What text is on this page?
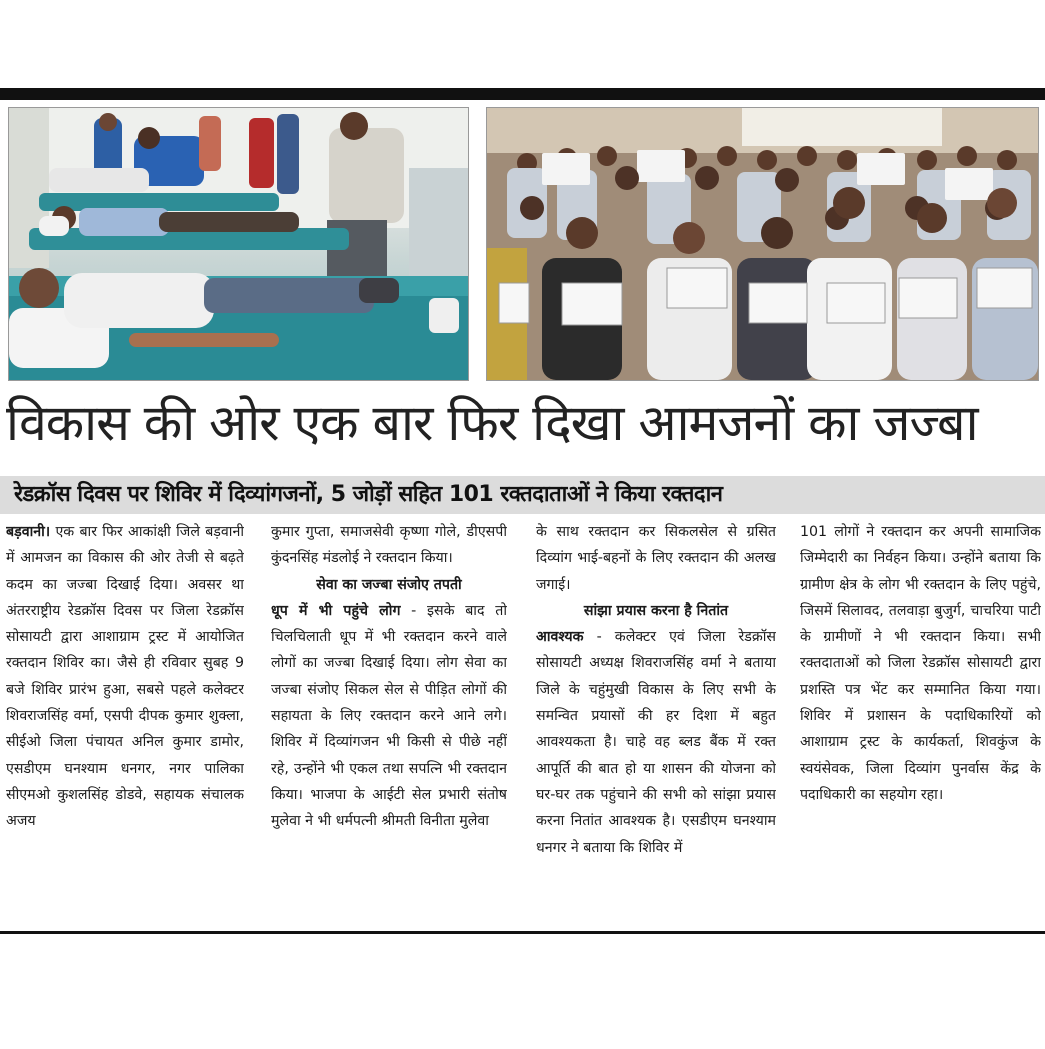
विकास की ओर एक बार फिर दिखा आमजनों का जज्बा
रेडक्रॉस दिवस पर शिविर में दिव्यांगजनों, 5 जोड़ों सहित 101 रक्तदाताओं ने किया रक्तदान

बड़वानी। एक बार फिर आकांक्षी जिले बड़वानी में आमजन का विकास की ओर तेजी से बढ़ते कदम का जज्बा दिखाई दिया। अवसर था अंतरराष्ट्रीय रेडक्रॉस दिवस पर जिला रेडक्रॉस सोसायटी द्वारा आशाग्राम ट्रस्ट में आयोजित रक्तदान शिविर का। जैसे ही रविवार सुबह 9 बजे शिविर प्रारंभ हुआ, सबसे पहले कलेक्टर शिवराजसिंह वर्मा, एसपी दीपक कुमार शुक्ला, सीईओ जिला पंचायत अनिल कुमार डामोर, एसडीएम घनश्याम धनगर, नगर पालिका सीएमओ कुशलसिंह डोडवे, सहायक संचालक अजय

कुमार गुप्ता, समाजसेवी कृष्णा गोले, डीएसपी कुंदनसिंह मंडलोई ने रक्तदान किया।

सेवा का जज्बा संजोए तपती

धूप में भी पहुंचे लोग - इसके बाद तो चिलचिलाती धूप में भी रक्तदान करने वाले लोगों का जज्बा दिखाई दिया। लोग सेवा का जज्बा संजोए सिकल सेल से पीड़ित लोगों की सहायता के लिए रक्तदान करने आने लगे। शिविर में दिव्यांगजन भी किसी से पीछे नहीं रहे, उन्होंने भी एकल तथा सपत्नि भी रक्तदान किया। भाजपा के आईटी सेल प्रभारी संतोष मुलेवा ने भी धर्मपत्नी श्रीमती विनीता मुलेवा

के साथ रक्तदान कर सिकलसेल से ग्रसित दिव्यांग भाई-बहनों के लिए रक्तदान की अलख जगाई।

सांझा प्रयास करना है नितांत

आवश्यक - कलेक्टर एवं जिला रेडक्रॉस सोसायटी अध्यक्ष शिवराजसिंह वर्मा ने बताया जिले के चहुंमुखी विकास के लिए सभी के समन्वित प्रयासों की हर दिशा में बहुत आवश्यकता है। चाहे वह ब्लड बैंक में रक्त आपूर्ति की बात हो या शासन की योजना को घर-घर तक पहुंचाने की सभी को सांझा प्रयास करना नितांत आवश्यक है। एसडीएम घनश्याम धनगर ने बताया कि शिविर में

101 लोगों ने रक्तदान कर अपनी सामाजिक जिम्मेदारी का निर्वहन किया। उन्होंने बताया कि ग्रामीण क्षेत्र के लोग भी रक्तदान के लिए पहुंचे, जिसमें सिलावद, तलवाड़ा बुजुर्ग, चाचरिया पाटी के ग्रामीणों ने भी रक्तदान किया। सभी रक्तदाताओं को जिला रेडक्रॉस सोसायटी द्वारा प्रशस्ति पत्र भेंट कर सम्मानित किया गया। शिविर में प्रशासन के पदाधिकारियों को आशाग्राम ट्रस्ट के कार्यकर्ता, शिवकुंज के स्वयंसेवक, जिला दिव्यांग पुनर्वास केंद्र के पदाधिकारी का सहयोग रहा।
